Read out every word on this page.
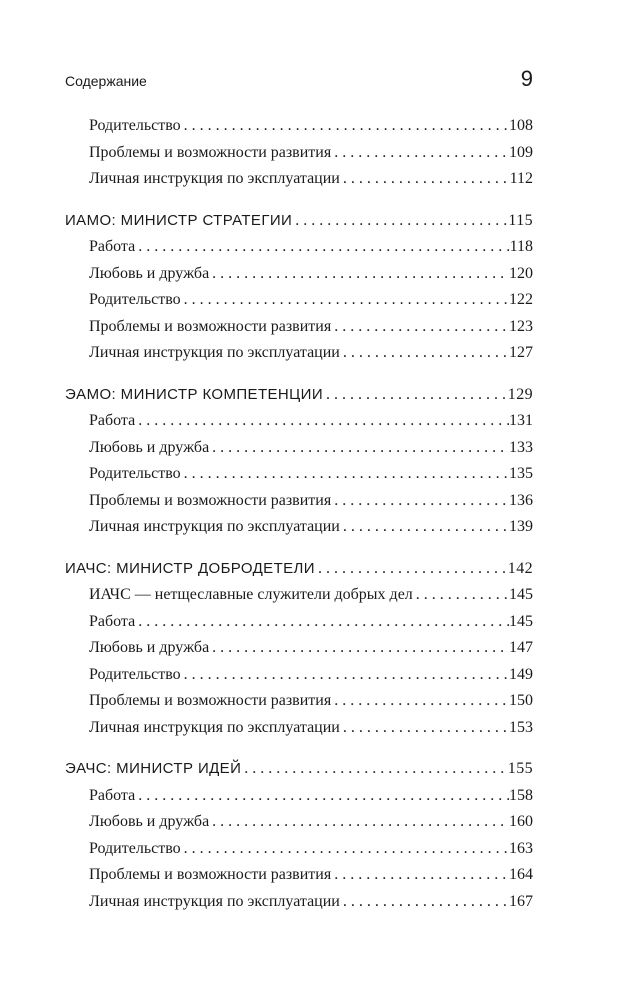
Содержание	9
Родительство . . .	108
Проблемы и возможности развития . . .	109
Личная инструкция по эксплуатации . . .	112
ИАМО: МИНИСТР СТРАТЕГИИ . . .	115
Работа . . .	118
Любовь и дружба . . .	120
Родительство . . .	122
Проблемы и возможности развития . . .	123
Личная инструкция по эксплуатации . . .	127
ЭАМО: МИНИСТР КОМПЕТЕНЦИИ . . .	129
Работа . . .	131
Любовь и дружба . . .	133
Родительство . . .	135
Проблемы и возможности развития . . .	136
Личная инструкция по эксплуатации . . .	139
ИАЧС: МИНИСТР ДОБРОДЕТЕЛИ . . .	142
ИАЧС — нетщеславные служители добрых дел . . .	145
Работа . . .	145
Любовь и дружба . . .	147
Родительство . . .	149
Проблемы и возможности развития . . .	150
Личная инструкция по эксплуатации . . .	153
ЭАЧС: МИНИСТР ИДЕЙ . . .	155
Работа . . .	158
Любовь и дружба . . .	160
Родительство . . .	163
Проблемы и возможности развития . . .	164
Личная инструкция по эксплуатации . . .	167
